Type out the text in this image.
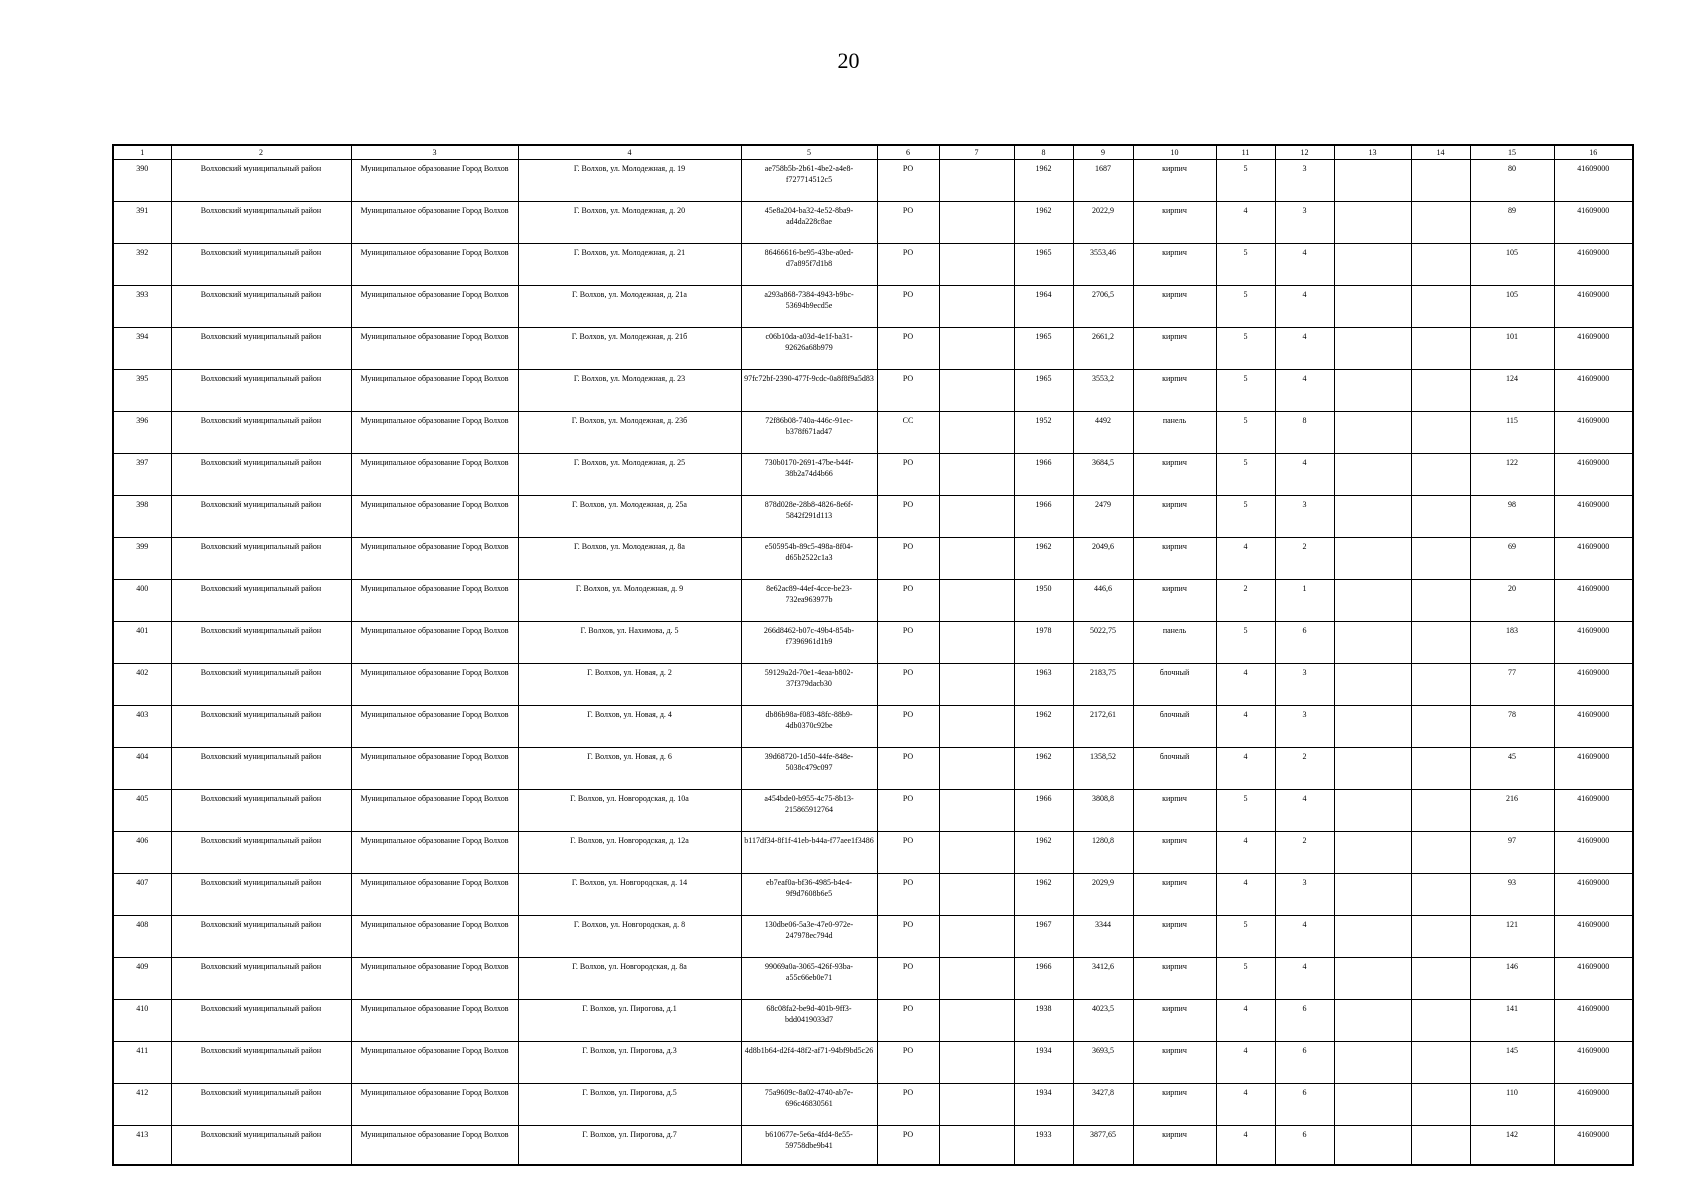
20
1	2	3	4	5	6	7	8	9	10	11	12	13	14	15	16
390	Волховский муниципальный район	Муниципальное образование Город Волхов	Г. Волхов, ул. Молодежная, д. 19	ae758b5b-2b61-4be2-a4e8-f727714512c5	РО		1962	1687	кирпич	5	3			80	41609000
391	Волховский муниципальный район	Муниципальное образование Город Волхов	Г. Волхов, ул. Молодежная, д. 20	45e8a204-ba32-4e52-8ba9-ad4da228c8ae	РО		1962	2022,9	кирпич	4	3			89	41609000
392	Волховский муниципальный район	Муниципальное образование Город Волхов	Г. Волхов, ул. Молодежная, д. 21	86466616-be95-43be-a0ed-d7a895f7d1b8	РО		1965	3553,46	кирпич	5	4			105	41609000
393	Волховский муниципальный район	Муниципальное образование Город Волхов	Г. Волхов, ул. Молодежная, д. 21а	a293a868-7384-4943-b9bc-53694b9ecd5e	РО		1964	2706,5	кирпич	5	4			105	41609000
394	Волховский муниципальный район	Муниципальное образование Город Волхов	Г. Волхов, ул. Молодежная, д. 21б	c06b10da-a03d-4e1f-ba31-92626a68b979	РО		1965	2661,2	кирпич	5	4			101	41609000
395	Волховский муниципальный район	Муниципальное образование Город Волхов	Г. Волхов, ул. Молодежная, д. 23	97fc72bf-2390-477f-9cdc-0a8f8f9a5d83	РО		1965	3553,2	кирпич	5	4			124	41609000
396	Волховский муниципальный район	Муниципальное образование Город Волхов	Г. Волхов, ул. Молодежная, д. 23б	72f86b08-740a-446c-91ec-b378f671ad47	СС		1952	4492	панель	5	8			115	41609000
397	Волховский муниципальный район	Муниципальное образование Город Волхов	Г. Волхов, ул. Молодежная, д. 25	730b0170-2691-47be-b44f-38b2a74d4b66	РО		1966	3684,5	кирпич	5	4			122	41609000
398	Волховский муниципальный район	Муниципальное образование Город Волхов	Г. Волхов, ул. Молодежная, д. 25а	878d028e-28b8-4826-8e6f-5842f291d113	РО		1966	2479	кирпич	5	3			98	41609000
399	Волховский муниципальный район	Муниципальное образование Город Волхов	Г. Волхов, ул. Молодежная, д. 8а	e505954b-89c5-498a-8f04-d65b2522c1a3	РО		1962	2049,6	кирпич	4	2			69	41609000
400	Волховский муниципальный район	Муниципальное образование Город Волхов	Г. Волхов, ул. Молодежная, д. 9	8e62ac89-44ef-4cce-be23-732ea963977b	РО		1950	446,6	кирпич	2	1			20	41609000
401	Волховский муниципальный район	Муниципальное образование Город Волхов	Г. Волхов, ул. Нахимова, д. 5	266d8462-b07c-49b4-854b-f7396961d1b9	РО		1978	5022,75	панель	5	6			183	41609000
402	Волховский муниципальный район	Муниципальное образование Город Волхов	Г. Волхов, ул. Новая, д. 2	59129a2d-70e1-4eaa-b802-37f379dacb30	РО		1963	2183,75	блочный	4	3			77	41609000
403	Волховский муниципальный район	Муниципальное образование Город Волхов	Г. Волхов, ул. Новая, д. 4	db86b98a-f083-48fc-88b9-4db0370c92be	РО		1962	2172,61	блочный	4	3			78	41609000
404	Волховский муниципальный район	Муниципальное образование Город Волхов	Г. Волхов, ул. Новая, д. 6	39d68720-1d50-44fe-848e-5038c479c097	РО		1962	1358,52	блочный	4	2			45	41609000
405	Волховский муниципальный район	Муниципальное образование Город Волхов	Г. Волхов, ул. Новгородская, д. 10а	a454bde0-b955-4c75-8b13-215865912764	РО		1966	3808,8	кирпич	5	4			216	41609000
406	Волховский муниципальный район	Муниципальное образование Город Волхов	Г. Волхов, ул. Новгородская, д. 12а	b117df34-8f1f-41eb-b44a-f77aee1f3486	РО		1962	1280,8	кирпич	4	2			97	41609000
407	Волховский муниципальный район	Муниципальное образование Город Волхов	Г. Волхов, ул. Новгородская, д. 14	eb7eaf0a-bf36-4985-b4e4-9f9d7608b6e5	РО		1962	2029,9	кирпич	4	3			93	41609000
408	Волховский муниципальный район	Муниципальное образование Город Волхов	Г. Волхов, ул. Новгородская, д. 8	130dbe06-5a3e-47e0-972e-247978ec794d	РО		1967	3344	кирпич	5	4			121	41609000
409	Волховский муниципальный район	Муниципальное образование Город Волхов	Г. Волхов, ул. Новгородская, д. 8а	99069a0a-3065-426f-93ba-a55c66eb0e71	РО		1966	3412,6	кирпич	5	4			146	41609000
410	Волховский муниципальный район	Муниципальное образование Город Волхов	Г. Волхов, ул. Пирогова, д.1	68c08fa2-be9d-401b-9ff3-bdd0419033d7	РО		1938	4023,5	кирпич	4	6			141	41609000
411	Волховский муниципальный район	Муниципальное образование Город Волхов	Г. Волхов, ул. Пирогова, д.3	4d8b1b64-d2f4-48f2-af71-94bf9bd5c26	РО		1934	3693,5	кирпич	4	6			145	41609000
412	Волховский муниципальный район	Муниципальное образование Город Волхов	Г. Волхов, ул. Пирогова, д.5	75a9609c-8a02-4740-ab7e-696c46830561	РО		1934	3427,8	кирпич	4	6			110	41609000
413	Волховский муниципальный район	Муниципальное образование Город Волхов	Г. Волхов, ул. Пирогова, д.7	b610677e-5e6a-4fd4-8e55-59758dbe9b41	РО		1933	3877,65	кирпич	4	6			142	41609000
